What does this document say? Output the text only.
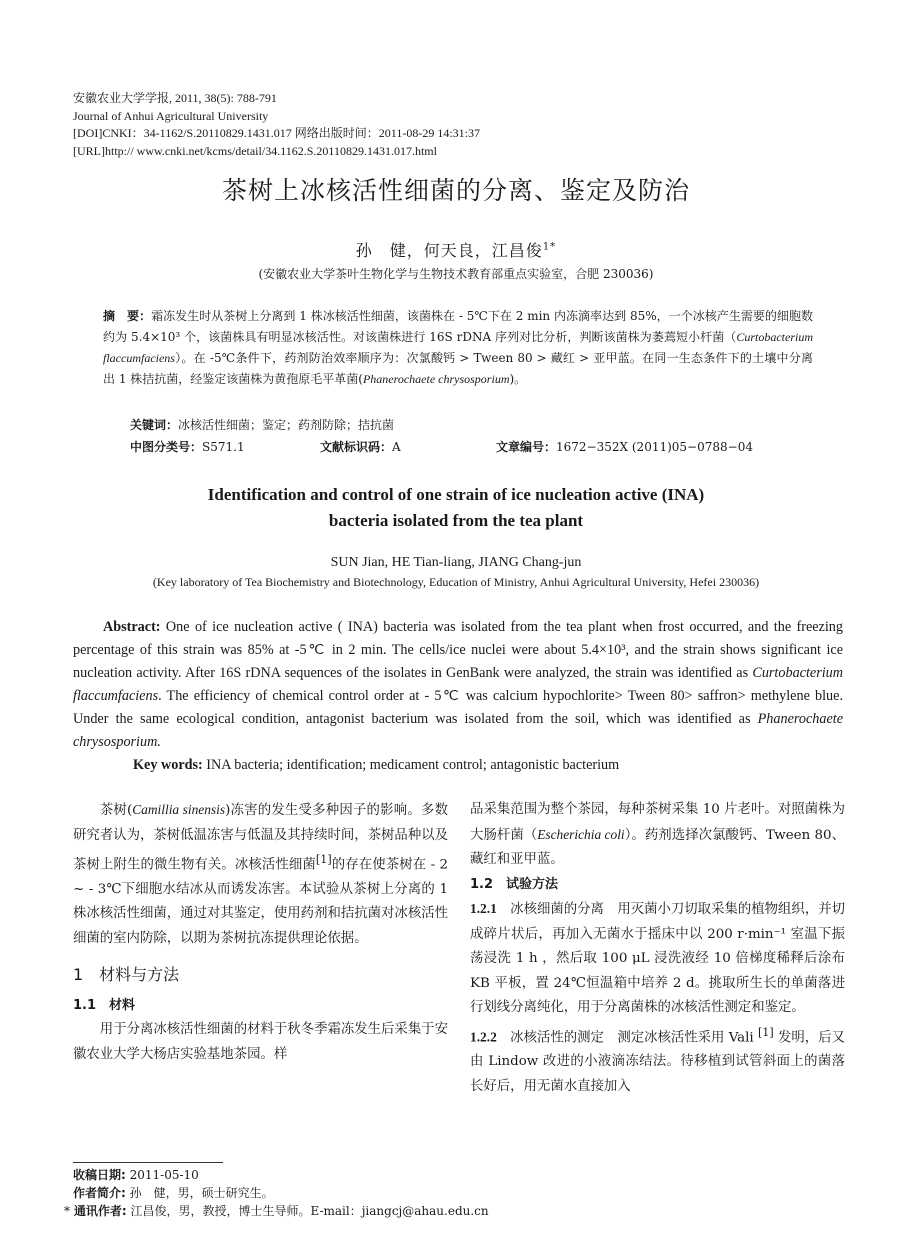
安徽农业大学学报, 2011, 38(5): 788-791
Journal of Anhui Agricultural University
[DOI]CNKI：34-1162/S.20110829.1431.017 网络出版时间：2011-08-29 14:31:37
[URL]http:// www.cnki.net/kcms/detail/34.1162.S.20110829.1431.017.html
茶树上冰核活性细菌的分离、鉴定及防治
孙　健，何天良，江昌俊$^{1*}$
(安徽农业大学茶叶生物化学与生物技术教育部重点实验室，合肥 230036)
摘　要：霜冻发生时从茶树上分离到 1 株冰核活性细菌，该菌株在 - 5℃下在 2 min 内冻滴率达到 85%，一个冰核产生需要的细胞数约为 5.4×10³ 个，该菌株具有明显冰核活性。对该菌株进行 16S rDNA 序列对比分析，判断该菌株为萎蔫短小杆菌（Curtobacterium flaccumfaciens）。在 -5℃条件下，药剂防治效率顺序为：次氯酸钙 > Tween 80 > 藏红 > 亚甲蓝。在同一生态条件下的土壤中分离出 1 株拮抗菌，经鉴定该菌株为黄孢原毛平革菌(Phanerochaete chrysosporium)。
关键词：冰核活性细菌；鉴定；药剂防除；拮抗菌
中图分类号：S571.1	文献标识码：A	文章编号：1672−352X (2011)05−0788−04
Identification and control of one strain of ice nucleation active (INA)
bacteria isolated from the tea plant
SUN Jian, HE Tian-liang, JIANG Chang-jun
(Key laboratory of Tea Biochemistry and Biotechnology, Education of Ministry, Anhui Agricultural University, Hefei 230036)

Abstract: One of ice nucleation active ( INA) bacteria was isolated from the tea plant when frost occurred, and the freezing percentage of this strain was 85% at -5℃ in 2 min. The cells/ice nuclei were about 5.4×10³, and the strain shows significant ice nucleation activity. After 16S rDNA sequences of the isolates in GenBank were analyzed, the strain was identified as Curtobacterium flaccumfaciens. The efficiency of chemical control order at - 5℃ was calcium hypochlorite> Tween 80> saffron> methylene blue. Under the same ecological condition, antagonist bacterium was isolated from the soil, which was identified as Phanerochaete chrysosporium.

Key words: INA bacteria; identification; medicament control; antagonistic bacterium

茶树(Camillia sinensis)冻害的发生受多种因子的影响。多数研究者认为，茶树低温冻害与低温及其持续时间，茶树品种以及茶树上附生的微生物有关。冰核活性细菌[1]的存在使茶树在 - 2 ~ - 3℃下细胞水结冰从而诱发冻害。本试验从茶树上分离的 1 株冰核活性细菌，通过对其鉴定，使用药剂和拮抗菌对冰核活性细菌的室内防除，以期为茶树抗冻提供理论依据。

1　材料与方法

1.1　材料

用于分离冰核活性细菌的材料于秋冬季霜冻发生后采集于安徽农业大学大杨店实验基地茶园。样

品采集范围为整个茶园，每种茶树采集 10 片老叶。对照菌株为大肠杆菌（Escherichia coli）。药剂选择次氯酸钙、Tween 80、藏红和亚甲蓝。

1.2　试验方法

1.2.1　冰核细菌的分离　用灭菌小刀切取采集的植物组织，并切成碎片状后，再加入无菌水于摇床中以 200 r·min⁻¹ 室温下振荡浸洗 1 h ，然后取 100 μL 浸洗液经 10 倍梯度稀释后涂布 KB 平板，置 24℃恒温箱中培养 2 d。挑取所生长的单菌落进行划线分离纯化，用于分离菌株的冰核活性测定和鉴定。

1.2.2　冰核活性的测定　测定冰核活性采用 Vali [1] 发明，后又由 Lindow 改进的小液滴冻结法。待移植到试管斜面上的菌落长好后，用无菌水直接加入

收稿日期: 2011-05-10
作者简介: 孙　健，男，硕士研究生。
* 通讯作者: 江昌俊，男，教授，博士生导师。E-mail：jiangcj@ahau.edu.cn
